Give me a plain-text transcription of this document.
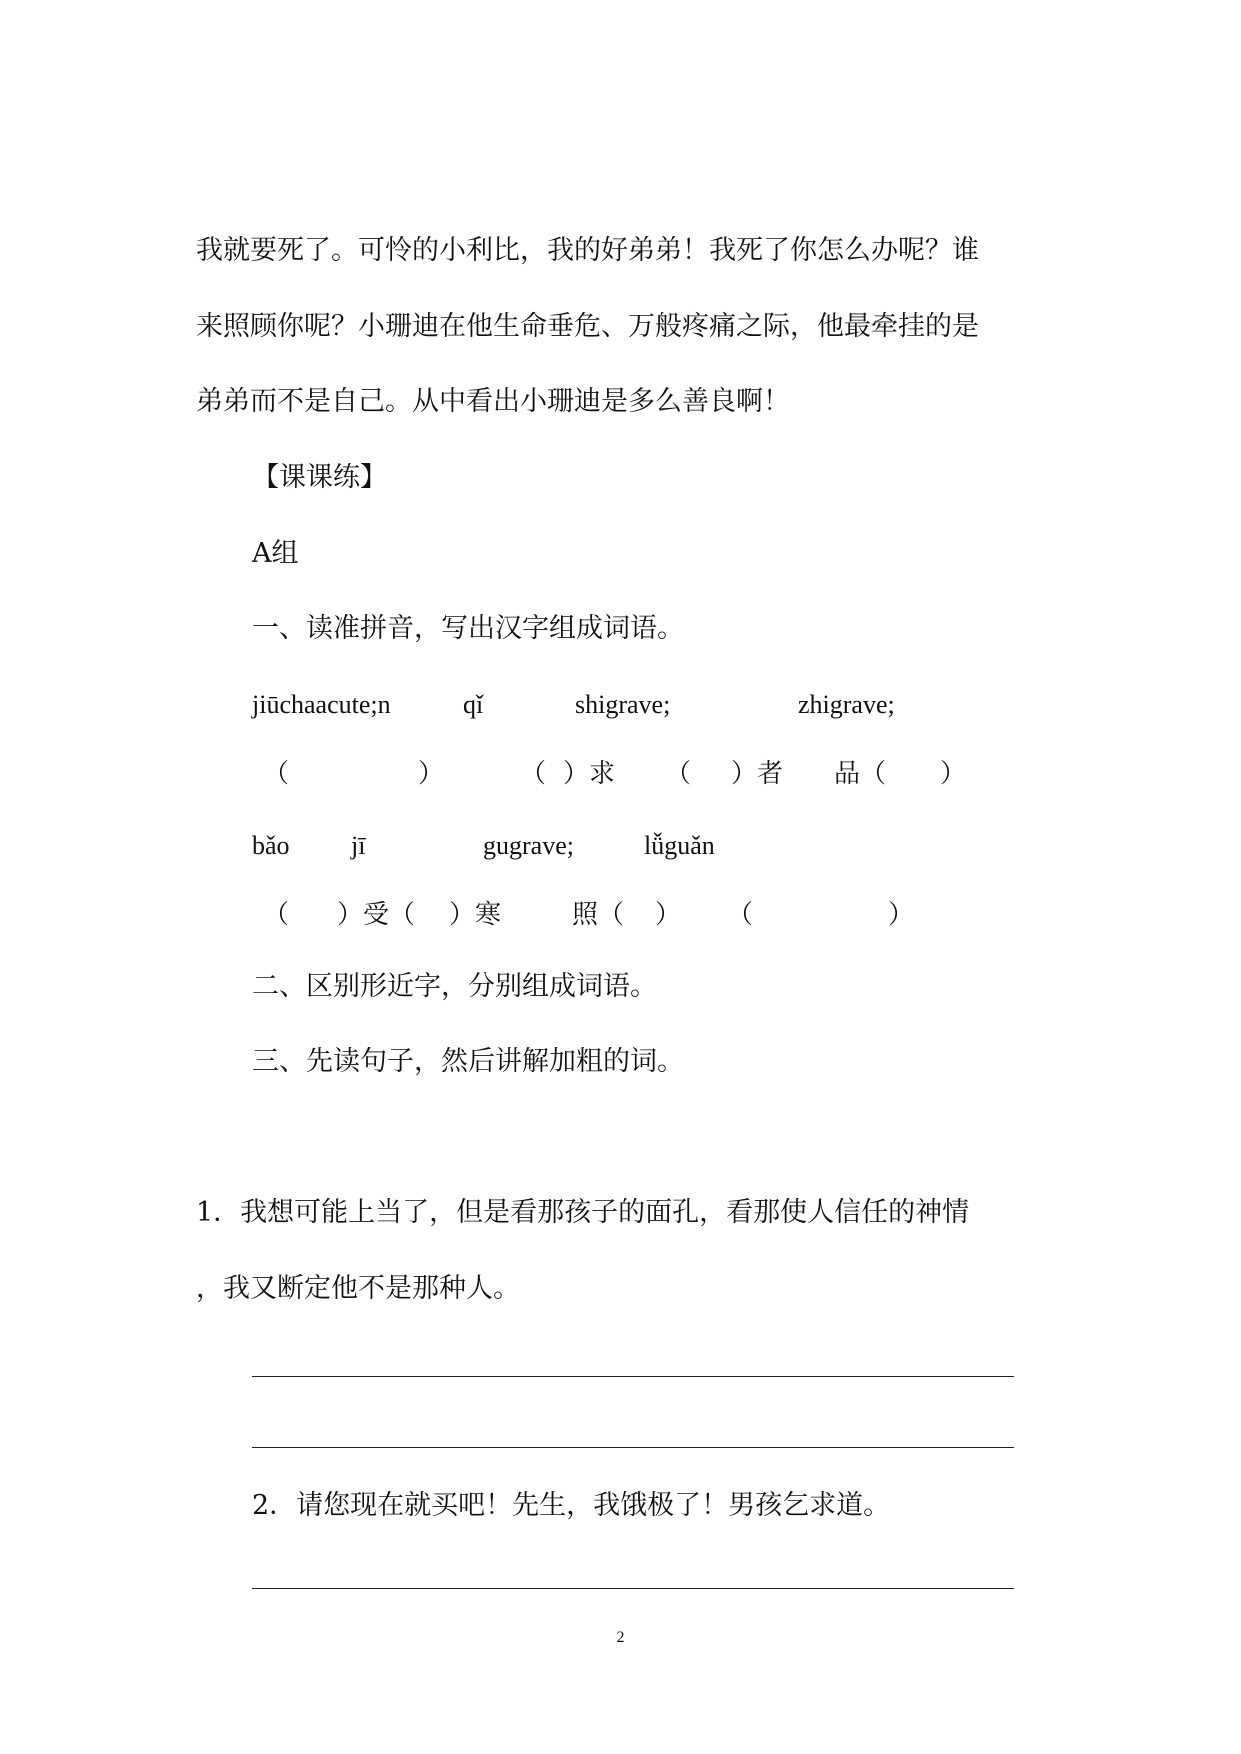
我就要死了。可怜的小利比，我的好弟弟！我死了你怎么办呢？谁
来照顾你呢？小珊迪在他生命垂危、万般疼痛之际，他最牵挂的是
弟弟而不是自己。从中看出小珊迪是多么善良啊！
【课课练】
A组
一、读准拼音，写出汉字组成词语。
jiūchaacute;n	qǐ	shigrave;	zhigrave;
（	）	（ ）求 （ ）者 品（ ）
bǎo jī	gugrave;	lǚguǎn
（ ）受（ ）寒	照（ ） （	）
二、区别形近字，分别组成词语。
三、先读句子，然后讲解加粗的词。
1．我想可能上当了，但是看那孩子的面孔，看那使人信任的神情
，我又断定他不是那种人。
2．请您现在就买吧！先生，我饿极了！男孩乞求道。
2
